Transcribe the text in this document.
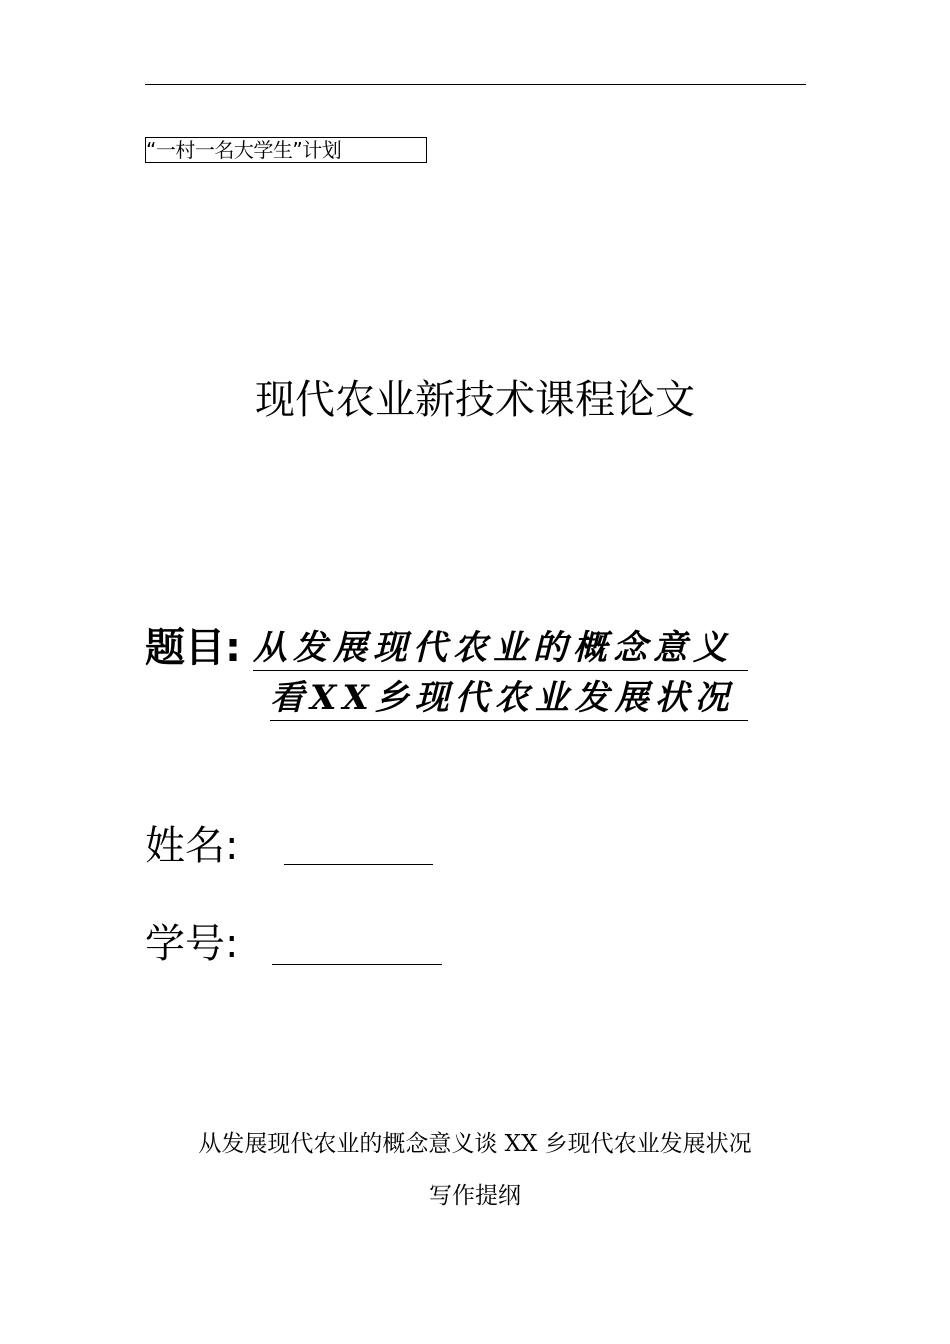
“一村一名大学生”计划
现代农业新技术课程论文
题目: 从发展现代农业的概念意义
看XX乡现代农业发展状况
姓名:
学号:
从发展现代农业的概念意义谈 XX 乡现代农业发展状况
写作提纲
